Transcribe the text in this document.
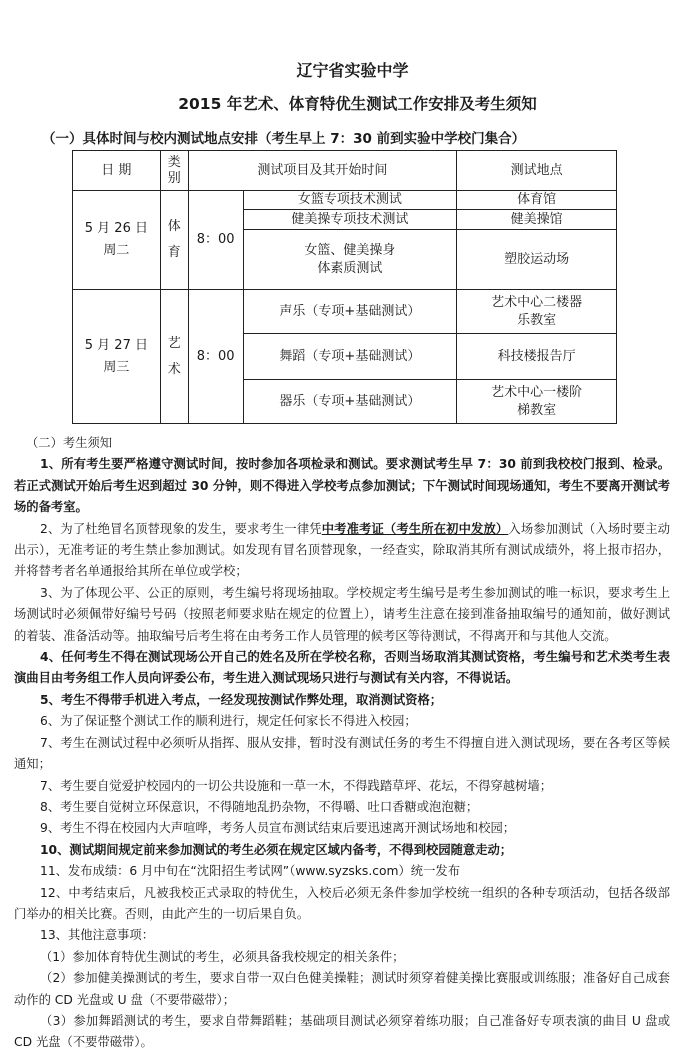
辽宁省实验中学
2015 年艺术、体育特优生测试工作安排及考生须知
（一）具体时间与校内测试地点安排（考生早上 7：30 前到实验中学校门集合）
日 期	类别	测试项目及其开始时间		测试地点

5 月 26 日
周二	体育	8：00	女篮专项技术测试	体育馆
			健美操专项技术测试	健美操馆
			女篮、健美操身体素质测试	塑胶运动场

5 月 27 日
周三	艺术	8：00	声乐（专项+基础测试）	艺术中心二楼器乐教室
			舞蹈（专项+基础测试）	科技楼报告厅
			器乐（专项+基础测试）	艺术中心一楼阶梯教室

（二）考生须知

1、所有考生要严格遵守测试时间，按时参加各项检录和测试。要求测试考生早 7：30 前到我校校门报到、检录。若正式测试开始后考生迟到超过 30 分钟，则不得进入学校考点参加测试；下午测试时间现场通知，考生不要离开测试考场的备考室。

2、为了杜绝冒名顶替现象的发生，要求考生一律凭中考准考证（考生所在初中发放）入场参加测试（入场时要主动出示），无准考证的考生禁止参加测试。如发现有冒名顶替现象，一经查实，除取消其所有测试成绩外，将上报市招办，并将替考者名单通报给其所在单位或学校；

3、为了体现公平、公正的原则，考生编号将现场抽取。学校规定考生编号是考生参加测试的唯一标识，要求考生上场测试时必须佩带好编号号码（按照老师要求贴在规定的位置上），请考生注意在接到准备抽取编号的通知前，做好测试的着装、准备活动等。抽取编号后考生将在由考务工作人员管理的候考区等待测试，不得离开和与其他人交流。

4、任何考生不得在测试现场公开自己的姓名及所在学校名称，否则当场取消其测试资格，考生编号和艺术类考生表演曲目由考务组工作人员向评委公布，考生进入测试现场只进行与测试有关内容，不得说话。

5、考生不得带手机进入考点，一经发现按测试作弊处理，取消测试资格；

6、为了保证整个测试工作的顺利进行，规定任何家长不得进入校园；

7、考生在测试过程中必须听从指挥、服从安排，暂时没有测试任务的考生不得擅自进入测试现场，要在各考区等候通知；

7、考生要自觉爱护校园内的一切公共设施和一草一木，不得践踏草坪、花坛，不得穿越树墙；

8、考生要自觉树立环保意识，不得随地乱扔杂物，不得嚼、吐口香糖或泡泡糖；

9、考生不得在校园内大声喧哗，考务人员宣布测试结束后要迅速离开测试场地和校园；

10、测试期间规定前来参加测试的考生必须在规定区域内备考，不得到校园随意走动；

11、发布成绩：6 月中旬在“沈阳招生考试网”（www.syzsks.com）统一发布

12、中考结束后，凡被我校正式录取的特优生，入校后必须无条件参加学校统一组织的各种专项活动，包括各级部门举办的相关比赛。否则，由此产生的一切后果自负。

13、其他注意事项：

（1）参加体育特优生测试的考生，必须具备我校规定的相关条件；

（2）参加健美操测试的考生，要求自带一双白色健美操鞋；测试时须穿着健美操比赛服或训练服；准备好自己成套动作的 CD 光盘或 U 盘（不要带磁带）；

（3）参加舞蹈测试的考生，要求自带舞蹈鞋；基础项目测试必须穿着练功服；自己准备好专项表演的曲目 U 盘或 CD 光盘（不要带磁带）。
